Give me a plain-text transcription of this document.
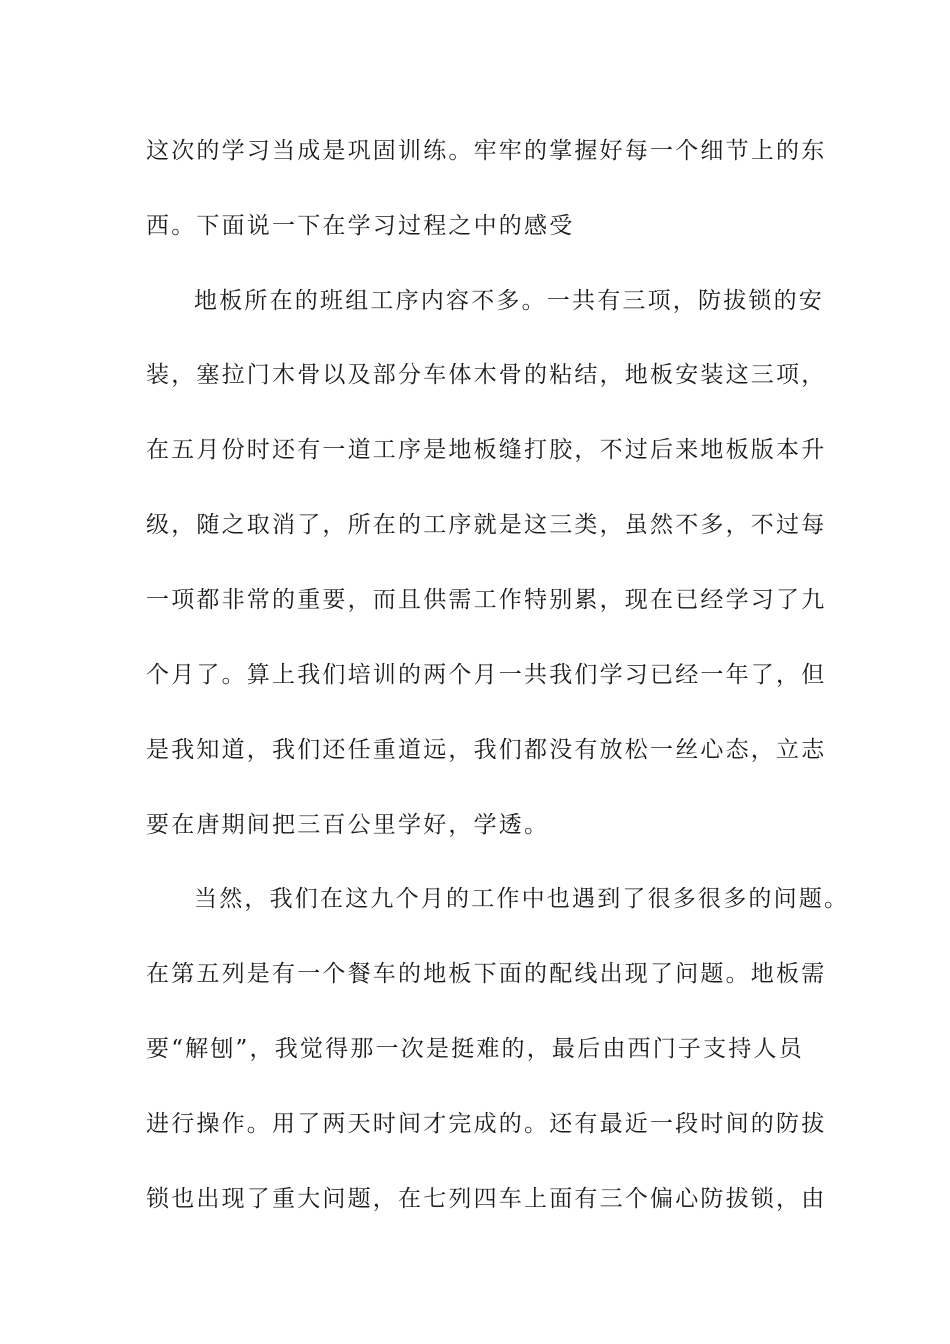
这次的学习当成是巩固训练。牢牢的掌握好每一个细节上的东
西。下面说一下在学习过程之中的感受
地板所在的班组工序内容不多。一共有三项，防拔锁的安
装，塞拉门木骨以及部分车体木骨的粘结，地板安装这三项，
在五月份时还有一道工序是地板缝打胶，不过后来地板版本升
级，随之取消了，所在的工序就是这三类，虽然不多，不过每
一项都非常的重要，而且供需工作特别累，现在已经学习了九
个月了。算上我们培训的两个月一共我们学习已经一年了，但
是我知道，我们还任重道远，我们都没有放松一丝心态，立志
要在唐期间把三百公里学好，学透。
当然，我们在这九个月的工作中也遇到了很多很多的问题。
在第五列是有一个餐车的地板下面的配线出现了问题。地板需
要“解刨”，我觉得那一次是挺难的，最后由西门子支持人员
进行操作。用了两天时间才完成的。还有最近一段时间的防拔
锁也出现了重大问题，在七列四车上面有三个偏心防拔锁，由
